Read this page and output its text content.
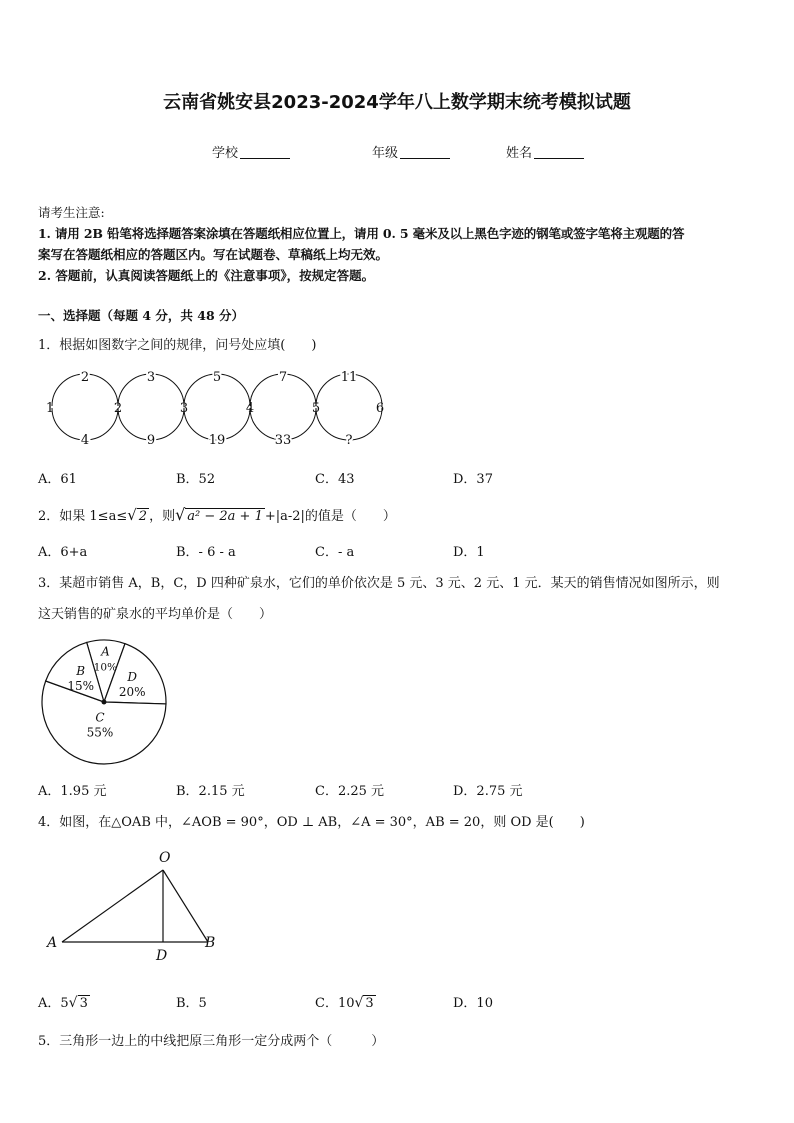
云南省姚安县2023-2024学年八上数学期末统考模拟试题
学校	年级	姓名
请考生注意:
1. 请用 2B 铅笔将选择题答案涂填在答题纸相应位置上，请用 0. 5 毫米及以上黑色字迹的钢笔或签字笔将主观题的答
案写在答题纸相应的答题区内。写在试题卷、草稿纸上均无效。
2. 答题前，认真阅读答题纸上的《注意事项》，按规定答题。
一、选择题（每题 4 分，共 48 分）
1．根据如图数字之间的规律，问号处应填(　　)
1	2	3	4	5	6
2	3	5	7	11
4	9	19	33	?
A．61	B．52	C．43	D．37
2．如果 1≤a≤√ 2 ，则√ a² − 2a + 1 +|a-2|的值是（　　）
A．6+a	B．- 6 - a	C．- a	D．1
3．某超市销售 A，B，C，D 四种矿泉水，它们的单价依次是 5 元、3 元、2 元、1 元．某天的销售情况如图所示，则
这天销售的矿泉水的平均单价是（　　）
A
10%
B
15%
C
55%
D
20%
A．1.95 元	B．2.15 元	C．2.25 元	D．2.75 元
4．如图，在△OAB 中，∠AOB = 90°，OD ⊥ AB，∠A = 30°，AB = 20，则 OD 是(　　)
O
A	B
D
A．5√ 3	B．5	C．10√ 3	D．10
5．三角形一边上的中线把原三角形一定分成两个（　　　）
